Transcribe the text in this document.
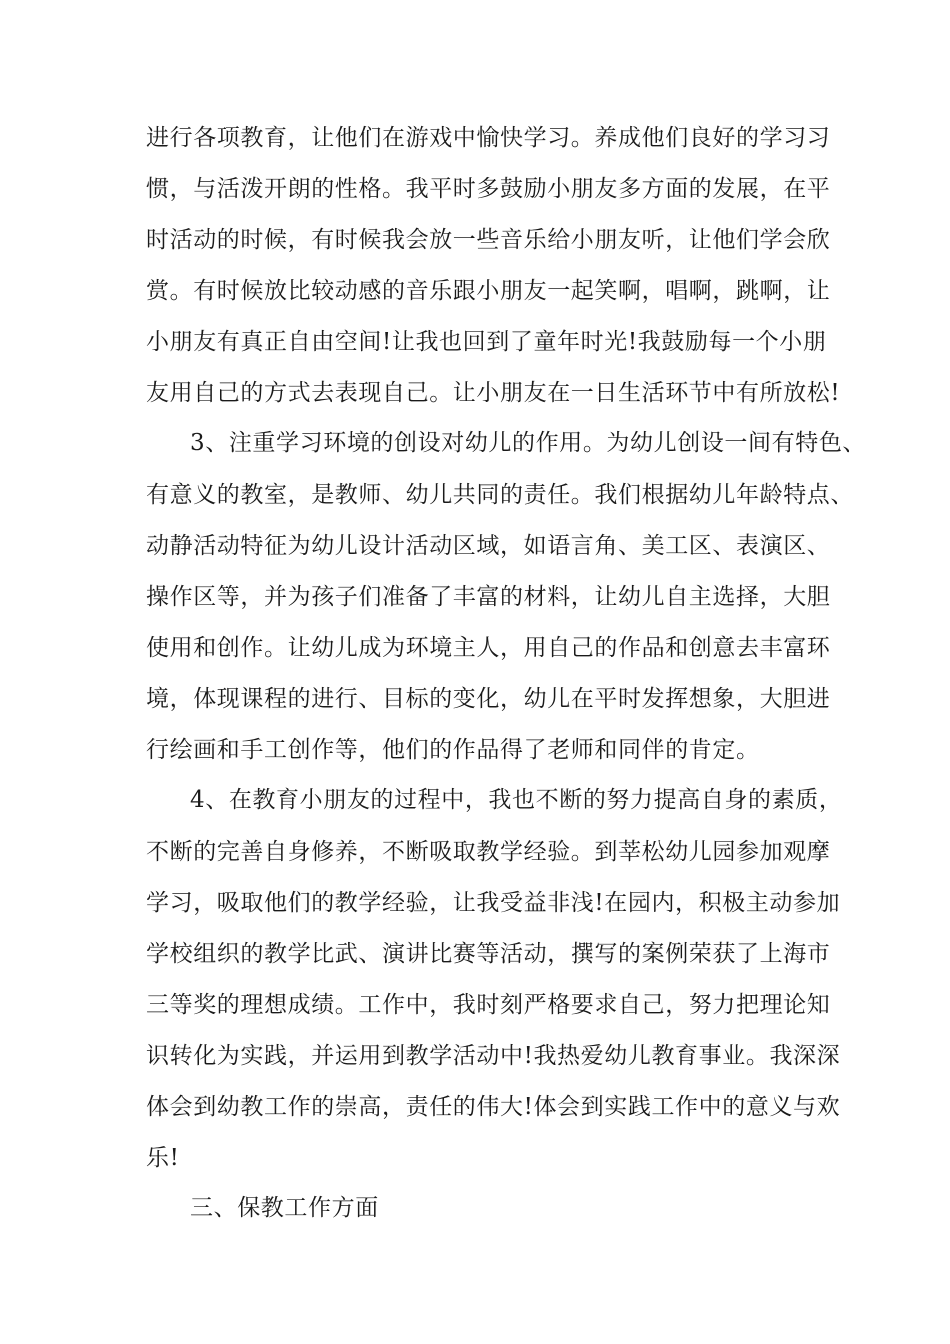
进行各项教育，让他们在游戏中愉快学习。养成他们良好的学习习
惯，与活泼开朗的性格。我平时多鼓励小朋友多方面的发展，在平
时活动的时候，有时候我会放一些音乐给小朋友听，让他们学会欣
赏。有时候放比较动感的音乐跟小朋友一起笑啊，唱啊，跳啊，让
小朋友有真正自由空间!让我也回到了童年时光!我鼓励每一个小朋
友用自己的方式去表现自己。让小朋友在一日生活环节中有所放松!
3、注重学习环境的创设对幼儿的作用。为幼儿创设一间有特色、
有意义的教室，是教师、幼儿共同的责任。我们根据幼儿年龄特点、
动静活动特征为幼儿设计活动区域，如语言角、美工区、表演区、
操作区等，并为孩子们准备了丰富的材料，让幼儿自主选择，大胆
使用和创作。让幼儿成为环境主人，用自己的作品和创意去丰富环
境，体现课程的进行、目标的变化，幼儿在平时发挥想象，大胆进
行绘画和手工创作等，他们的作品得了老师和同伴的肯定。
4、在教育小朋友的过程中，我也不断的努力提高自身的素质，
不断的完善自身修养，不断吸取教学经验。到莘松幼儿园参加观摩
学习，吸取他们的教学经验，让我受益非浅!在园内，积极主动参加
学校组织的教学比武、演讲比赛等活动，撰写的案例荣获了上海市
三等奖的理想成绩。工作中，我时刻严格要求自己，努力把理论知
识转化为实践，并运用到教学活动中!我热爱幼儿教育事业。我深深
体会到幼教工作的崇高，责任的伟大!体会到实践工作中的意义与欢
乐!
三、保教工作方面
